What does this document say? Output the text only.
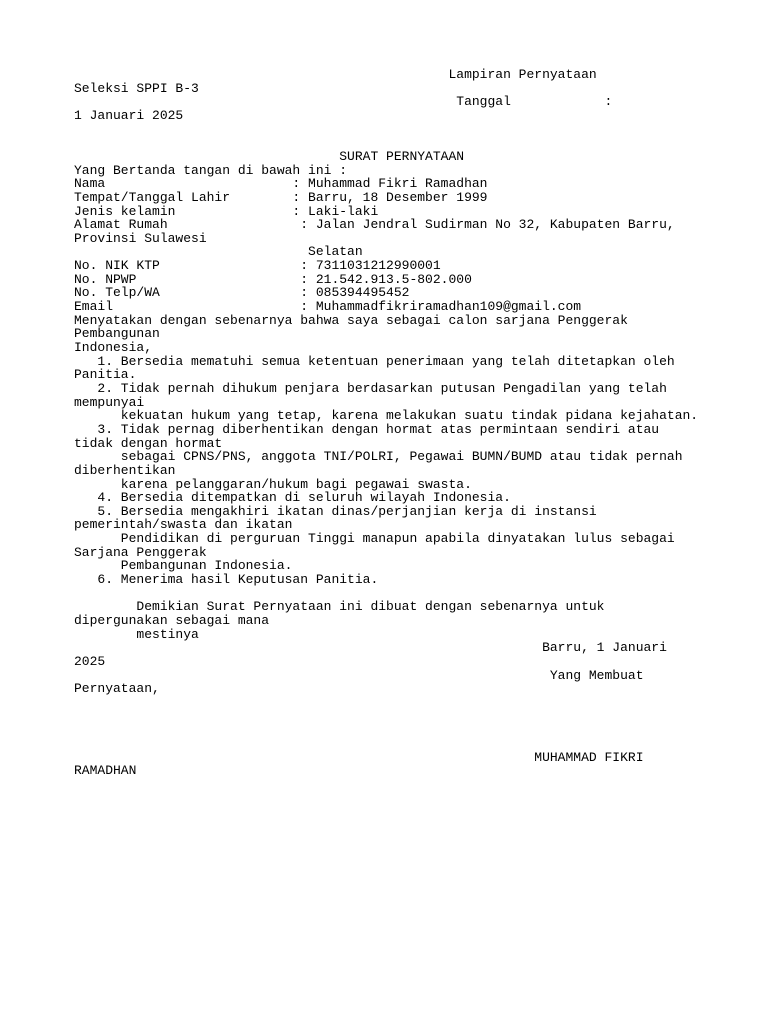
Lampiran Pernyataan
Seleksi SPPI B-3
Tanggal            :
1 Januari 2025
SURAT PERNYATAAN
Yang Bertanda tangan di bawah ini :
Nama                        : Muhammad Fikri Ramadhan
Tempat/Tanggal Lahir        : Barru, 18 Desember 1999
Jenis kelamin               : Laki-laki
Alamat Rumah                 : Jalan Jendral Sudirman No 32, Kabupaten Barru,
Provinsi Sulawesi
Selatan
No. NIK KTP                  : 7311031212990001
No. NPWP                     : 21.542.913.5-802.000
No. Telp/WA                  : 085394495452
Email                        : Muhammadfikriramadhan109@gmail.com
Menyatakan dengan sebenarnya bahwa saya sebagai calon sarjana Penggerak
Pembangunan
Indonesia,
1. Bersedia mematuhi semua ketentuan penerimaan yang telah ditetapkan oleh
Panitia.
2. Tidak pernah dihukum penjara berdasarkan putusan Pengadilan yang telah
mempunyai
kekuatan hukum yang tetap, karena melakukan suatu tindak pidana kejahatan.
3. Tidak pernag diberhentikan dengan hormat atas permintaan sendiri atau
tidak dengan hormat
sebagai CPNS/PNS, anggota TNI/POLRI, Pegawai BUMN/BUMD atau tidak pernah
diberhentikan
karena pelanggaran/hukum bagi pegawai swasta.
4. Bersedia ditempatkan di seluruh wilayah Indonesia.
5. Bersedia mengakhiri ikatan dinas/perjanjian kerja di instansi
pemerintah/swasta dan ikatan
Pendidikan di perguruan Tinggi manapun apabila dinyatakan lulus sebagai
Sarjana Penggerak
Pembangunan Indonesia.
6. Menerima hasil Keputusan Panitia.
Demikian Surat Pernyataan ini dibuat dengan sebenarnya untuk
dipergunakan sebagai mana
mestinya
Barru, 1 Januari
2025
Yang Membuat
Pernyataan,
MUHAMMAD FIKRI
RAMADHAN
